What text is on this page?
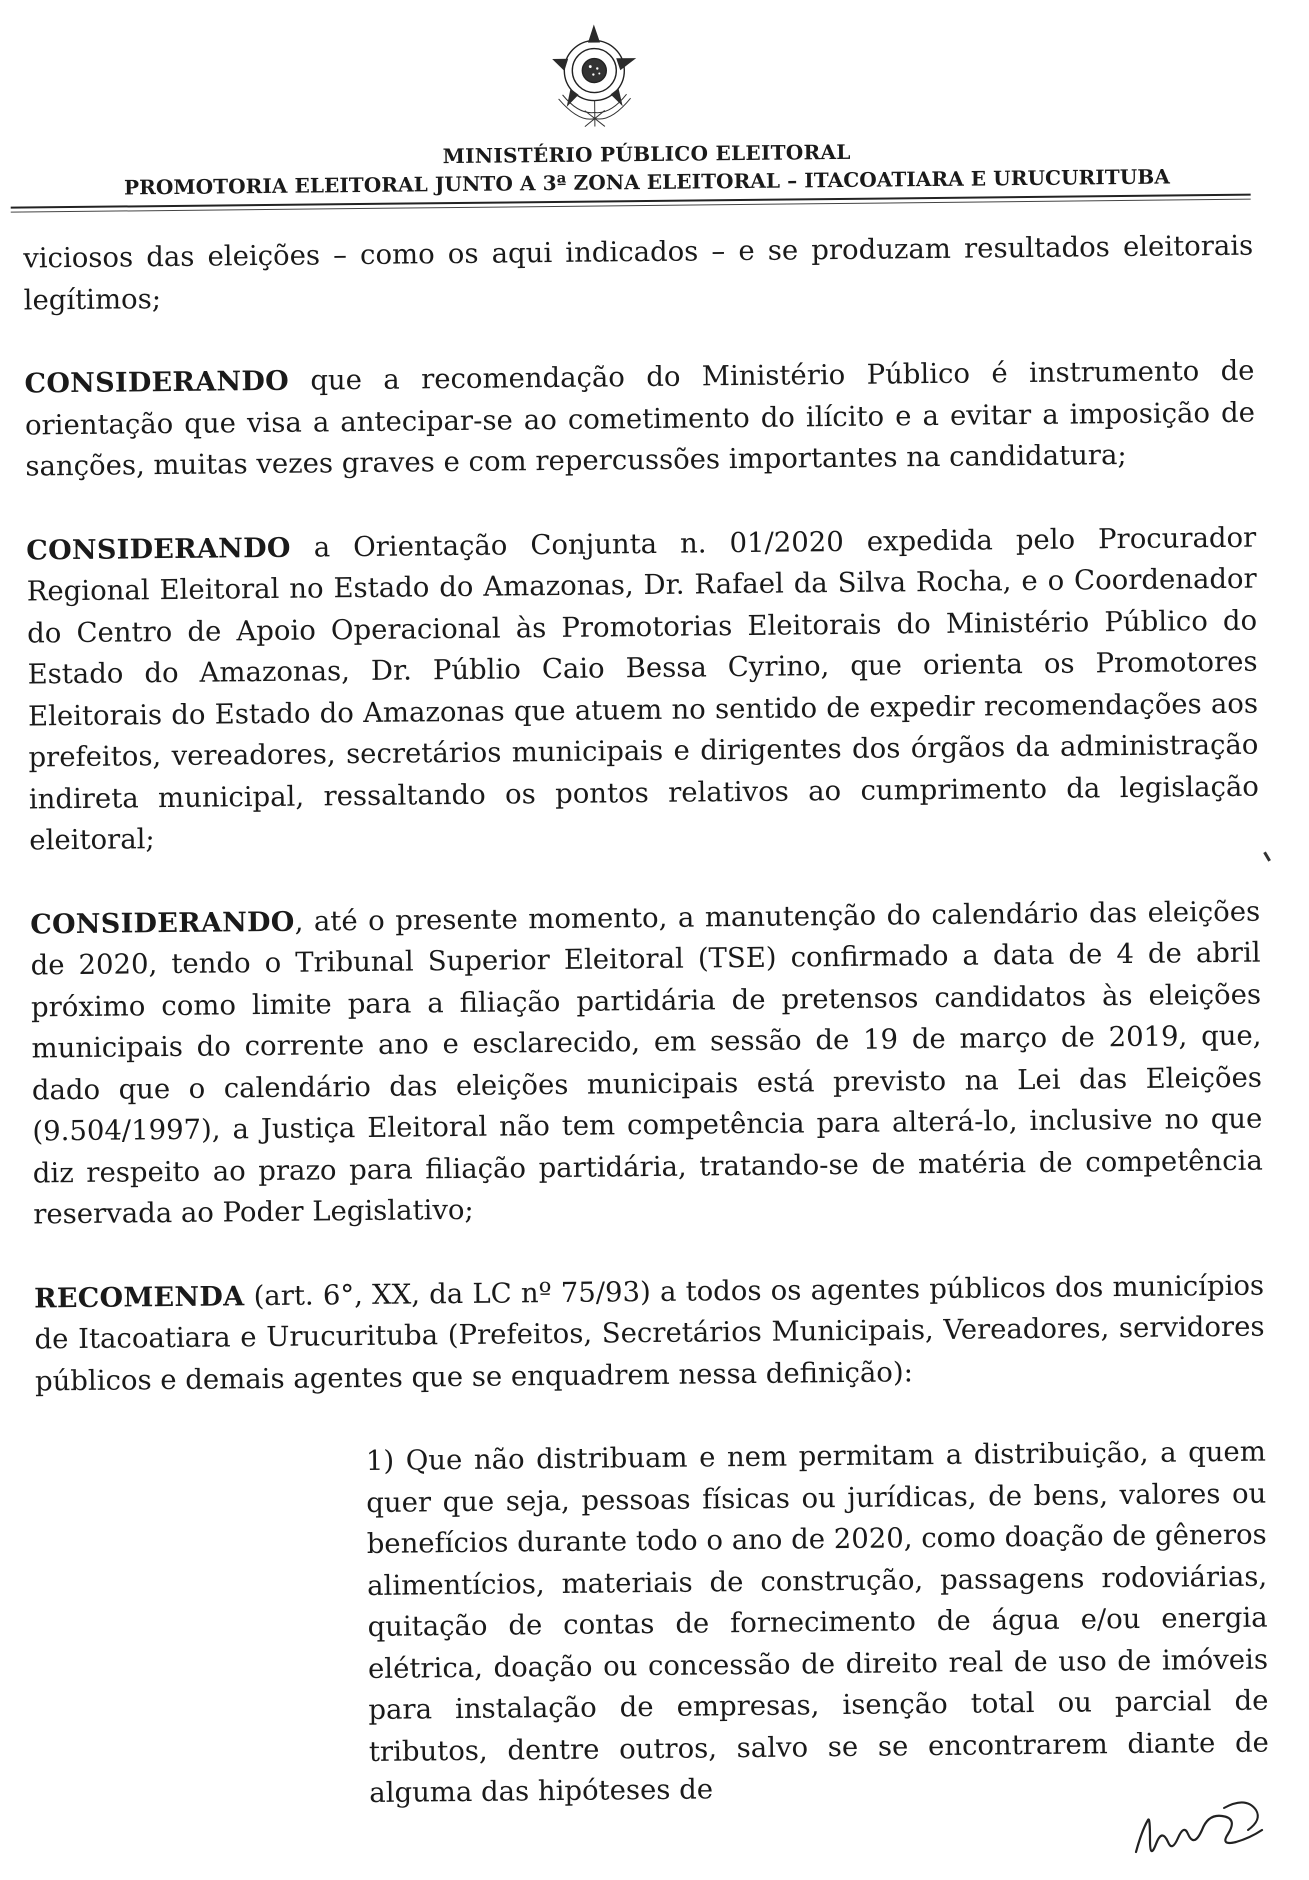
MINISTÉRIO PÚBLICO ELEITORAL
PROMOTORIA ELEITORAL JUNTO A 3ª ZONA ELEITORAL – ITACOATIARA E URUCURITUBA

viciosos das eleições – como os aqui indicados – e se produzam resultados eleitorais legítimos;

CONSIDERANDO que a recomendação do Ministério Público é instrumento de orientação que visa a antecipar-se ao cometimento do ilícito e a evitar a imposição de sanções, muitas vezes graves e com repercussões importantes na candidatura;

CONSIDERANDO a Orientação Conjunta n. 01/2020 expedida pelo Procurador Regional Eleitoral no Estado do Amazonas, Dr. Rafael da Silva Rocha, e o Coordenador do Centro de Apoio Operacional às Promotorias Eleitorais do Ministério Público do Estado do Amazonas, Dr. Públio Caio Bessa Cyrino, que orienta os Promotores Eleitorais do Estado do Amazonas que atuem no sentido de expedir recomendações aos prefeitos, vereadores, secretários municipais e dirigentes dos órgãos da administração indireta municipal, ressaltando os pontos relativos ao cumprimento da legislação eleitoral;

CONSIDERANDO, até o presente momento, a manutenção do calendário das eleições de 2020, tendo o Tribunal Superior Eleitoral (TSE) confirmado a data de 4 de abril próximo como limite para a filiação partidária de pretensos candidatos às eleições municipais do corrente ano e esclarecido, em sessão de 19 de março de 2019, que, dado que o calendário das eleições municipais está previsto na Lei das Eleições (9.504/1997), a Justiça Eleitoral não tem competência para alterá-lo, inclusive no que diz respeito ao prazo para filiação partidária, tratando-se de matéria de competência reservada ao Poder Legislativo;

RECOMENDA (art. 6°, XX, da LC nº 75/93) a todos os agentes públicos dos municípios de Itacoatiara e Urucurituba (Prefeitos, Secretários Municipais, Vereadores, servidores públicos e demais agentes que se enquadrem nessa definição):

1) Que não distribuam e nem permitam a distribuição, a quem quer que seja, pessoas físicas ou jurídicas, de bens, valores ou benefícios durante todo o ano de 2020, como doação de gêneros alimentícios, materiais de construção, passagens rodoviárias, quitação de contas de fornecimento de água e/ou energia elétrica, doação ou concessão de direito real de uso de imóveis para instalação de empresas, isenção total ou parcial de tributos, dentre outros, salvo se se encontrarem diante de alguma das hipóteses de
